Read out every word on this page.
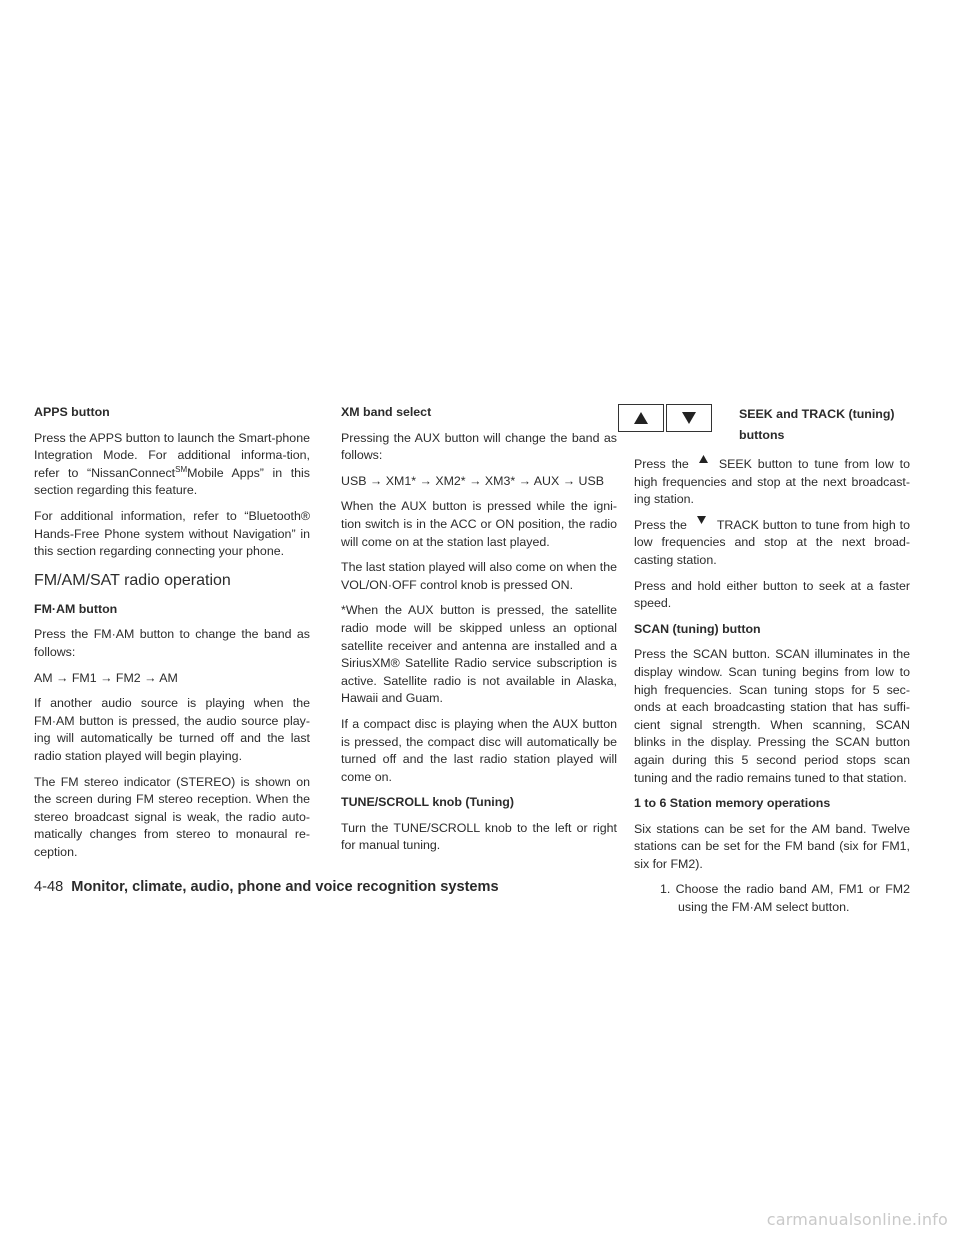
APPS button

Press the APPS button to launch the Smart-phone Integration Mode. For additional informa-tion, refer to “NissanConnect℠Mobile Apps” in this section regarding this feature.

For additional information, refer to “Bluetooth® Hands-Free Phone system without Navigation” in this section regarding connecting your phone.

FM/AM/SAT radio operation
FM·AM button

Press the FM·AM button to change the band as follows:

AM → FM1 → FM2 → AM

If another audio source is playing when the FM·AM button is pressed, the audio source play-ing will automatically be turned off and the last radio station played will begin playing.

The FM stereo indicator (STEREO) is shown on the screen during FM stereo reception. When the stereo broadcast signal is weak, the radio auto-matically changes from stereo to monaural re-ception.

XM band select

Pressing the AUX button will change the band as follows:

USB → XM1* → XM2* → XM3* → AUX → USB

When the AUX button is pressed while the igni-tion switch is in the ACC or ON position, the radio will come on at the station last played.

The last station played will also come on when the VOL/ON·OFF control knob is pressed ON.

*When the AUX button is pressed, the satellite radio mode will be skipped unless an optional satellite receiver and antenna are installed and a SiriusXM® Satellite Radio service subscription is active. Satellite radio is not available in Alaska, Hawaii and Guam.

If a compact disc is playing when the AUX button is pressed, the compact disc will automatically be turned off and the last radio station played will come on.

TUNE/SCROLL knob (Tuning)

Turn the TUNE/SCROLL knob to the left or right for manual tuning.

SEEK and TRACK (tuning)
buttons

Press the SEEK button to tune from low to high frequencies and stop at the next broadcast-ing station.

Press the TRACK button to tune from high to low frequencies and stop at the next broad-casting station.

Press and hold either button to seek at a faster speed.

SCAN (tuning) button

Press the SCAN button. SCAN illuminates in the display window. Scan tuning begins from low to high frequencies. Scan tuning stops for 5 sec-onds at each broadcasting station that has suffi-cient signal strength. When scanning, SCAN blinks in the display. Pressing the SCAN button again during this 5 second period stops scan tuning and the radio remains tuned to that station.

1 to 6 Station memory operations

Six stations can be set for the AM band. Twelve stations can be set for the FM band (six for FM1, six for FM2).

1. Choose the radio band AM, FM1 or FM2 using the FM·AM select button.

4-48 Monitor, climate, audio, phone and voice recognition systems
carmanualsonline.info
